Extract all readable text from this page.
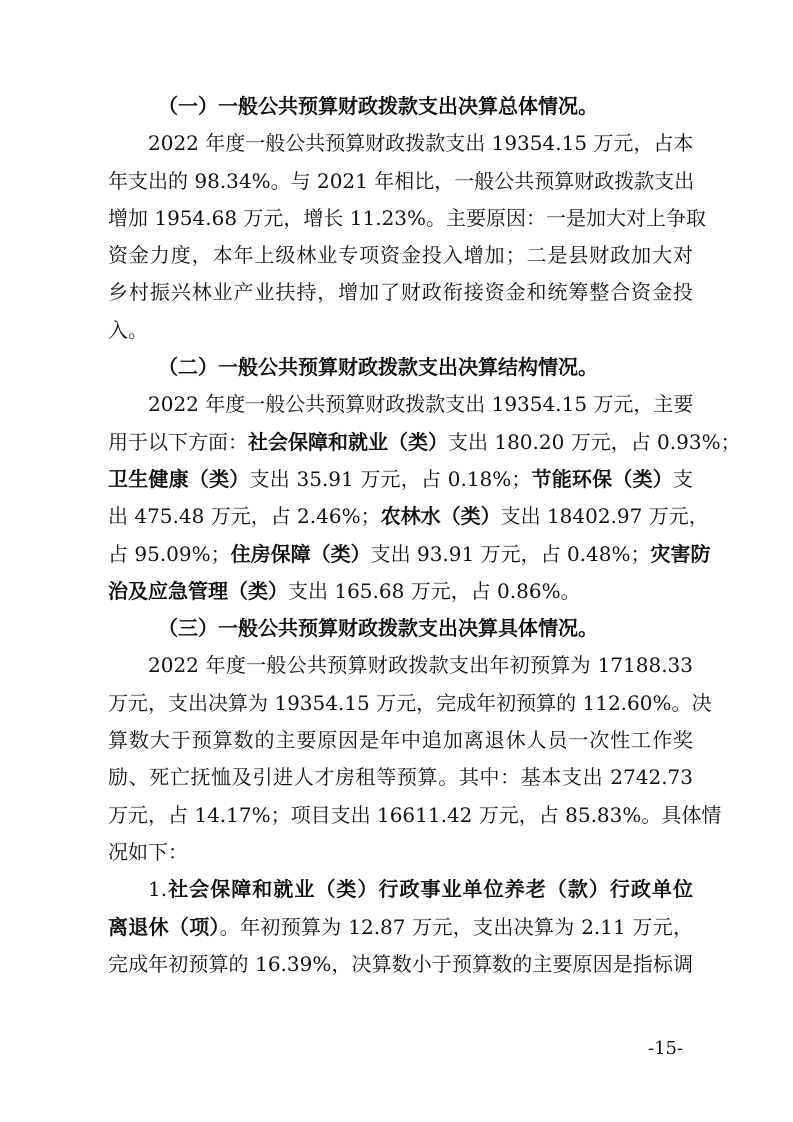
（一）一般公共预算财政拨款支出决算总体情况。
2022 年度一般公共预算财政拨款支出 19354.15 万元，占本
年支出的 98.34%。与 2021 年相比，一般公共预算财政拨款支出
增加 1954.68 万元，增长 11.23%。主要原因：一是加大对上争取
资金力度，本年上级林业专项资金投入增加；二是县财政加大对
乡村振兴林业产业扶持，增加了财政衔接资金和统筹整合资金投
入。
（二）一般公共预算财政拨款支出决算结构情况。
2022 年度一般公共预算财政拨款支出 19354.15 万元，主要
用于以下方面：社会保障和就业（类）支出 180.20 万元，占 0.93%；
卫生健康（类）支出 35.91 万元，占 0.18%；节能环保（类）支
出 475.48 万元，占 2.46%；农林水（类）支出 18402.97 万元，
占 95.09%；住房保障（类）支出 93.91 万元，占 0.48%；灾害防
治及应急管理（类）支出 165.68 万元，占 0.86%。
（三）一般公共预算财政拨款支出决算具体情况。
2022 年度一般公共预算财政拨款支出年初预算为 17188.33
万元，支出决算为 19354.15 万元，完成年初预算的 112.60%。决
算数大于预算数的主要原因是年中追加离退休人员一次性工作奖
励、死亡抚恤及引进人才房租等预算。其中：基本支出 2742.73
万元，占 14.17%；项目支出 16611.42 万元，占 85.83%。具体情
况如下：
1.社会保障和就业（类）行政事业单位养老（款）行政单位
离退休（项）。年初预算为 12.87 万元，支出决算为 2.11 万元，
完成年初预算的 16.39%，决算数小于预算数的主要原因是指标调
-15-
